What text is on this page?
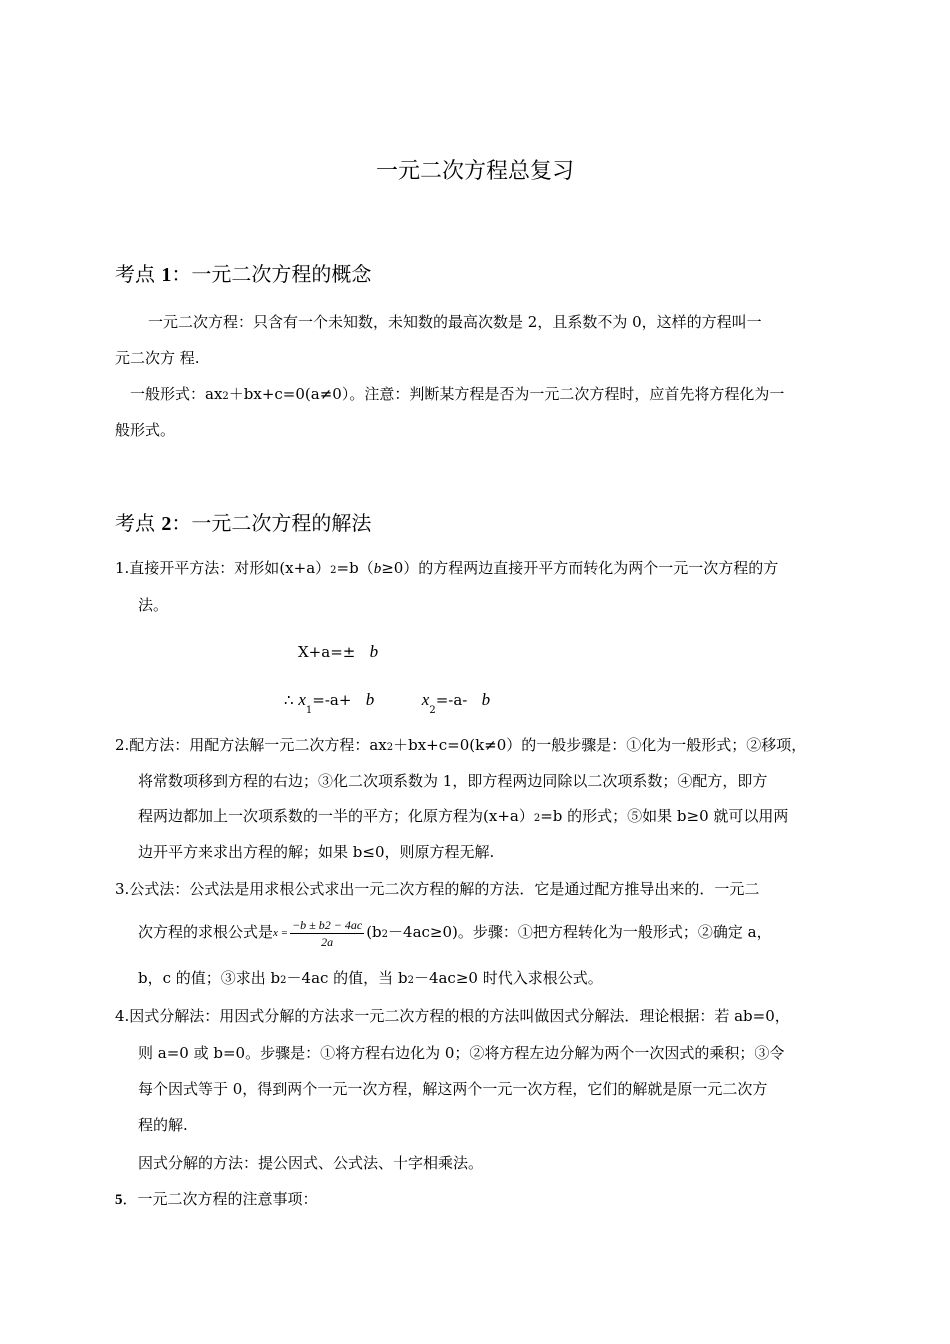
一元二次方程总复习
考点 1：一元二次方程的概念
一元二次方程：只含有一个未知数，未知数的最高次数是 2，且系数不为 0，这样的方程叫一
元二次方 程.
一般形式：ax2＋bx+c=0(a≠0）。注意：判断某方程是否为一元二次方程时，应首先将方程化为一
般形式。
考点 2：一元二次方程的解法
1.直接开平方法：对形如(x+a）2=b（b≥0）的方程两边直接开平方而转化为两个一元一次方程的方
法。
X+a=± b
∴ $x_1=-a+ b$	$x_2=-a-$ b
2.配方法：用配方法解一元二次方程：ax2＋bx+c=0(k≠0）的一般步骤是：①化为一般形式；②移项，
将常数项移到方程的右边；③化二次项系数为 1，即方程两边同除以二次项系数；④配方，即方
程两边都加上一次项系数的一半的平方；化原方程为(x+a）2=b 的形式；⑤如果 b≥0 就可以用两
边开平方来求出方程的解；如果 b≤0，则原方程无解.
3.公式法：公式法是用求根公式求出一元二次方程的解的方法．它是通过配方推导出来的．一元二
次方程的求根公式是$x = \frac{-b \pm b2 - 4ac}{2a} (b2-4ac\ge 0)$。步骤：①把方程转化为一般形式；②确定 a，
b，c 的值；③求出 b2－4ac 的值，当 b2－4ac≥0 时代入求根公式。
4.因式分解法：用因式分解的方法求一元二次方程的根的方法叫做因式分解法．理论根据：若 ab=0，
则 a=0 或 b=0。步骤是：①将方程右边化为 0；②将方程左边分解为两个一次因式的乘积；③令
每个因式等于 0，得到两个一元一次方程，解这两个一元一次方程，它们的解就是原一元二次方
程的解.
因式分解的方法：提公因式、公式法、十字相乘法。
5．一元二次方程的注意事项：
